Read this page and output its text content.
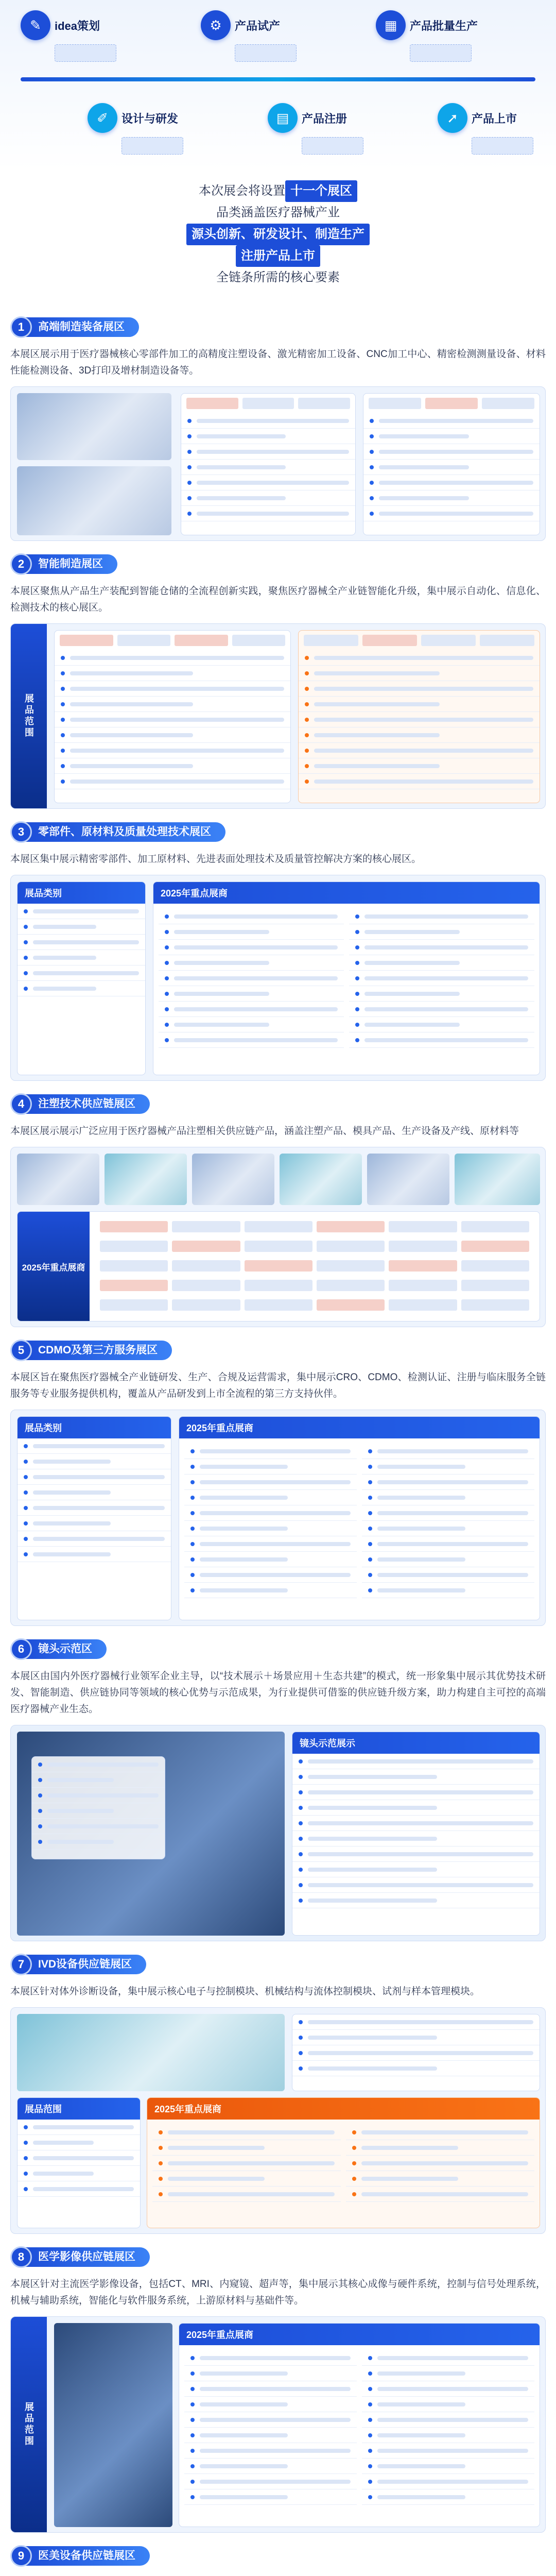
✎	idea策划	⚙	产品试产	▦	产品批量生产
✐	设计与研发	▤	产品注册	➚	产品上市

本次展会将设置 十一个展区

品类涵盖医疗器械产业

源头创新、研发设计、制造生产

注册产品上市

全链条所需的核心要素

1	高端制造装备展区

本展区展示用于医疗器械核心零部件加工的高精度注塑设备、激光精密加工设备、CNC加工中心、精密检测测量设备、材料性能检测设备、3D打印及增材制造设备等。

2	智能制造展区

本展区聚焦从产品生产装配到智能仓储的全流程创新实践，聚焦医疗器械全产业链智能化升级，集中展示自动化、信息化、检测技术的核心展区。

展品范围
3	零部件、原材料及质量处理技术展区

本展区集中展示精密零部件、加工原材料、先进表面处理技术及质量管控解决方案的核心展区。

展品类别	2025年重点展商
4	注塑技术供应链展区

本展区展示展示广泛应用于医疗器械产品注塑相关供应链产品，涵盖注塑产品、模具产品、生产设备及产线、原材料等

2025年重点展商
5	CDMO及第三方服务展区

本展区旨在聚焦医疗器械全产业链研发、生产、合规及运营需求，集中展示CRO、CDMO、检测认证、注册与临床服务全链服务等专业服务提供机构，覆盖从产品研发到上市全流程的第三方支持伙伴。

展品类别	2025年重点展商
6	镜头示范区

本展区由国内外医疗器械行业领军企业主导，以“技术展示＋场景应用＋生态共建”的模式，统一形象集中展示其优势技术研发、智能制造、供应链协同等领域的核心优势与示范成果，为行业提供可借鉴的供应链升级方案，助力构建自主可控的高端医疗器械产业生态。

镜头示范展示
7	IVD设备供应链展区

本展区针对体外诊断设备，集中展示核心电子与控制模块、机械结构与流体控制模块、试剂与样本管理模块。

展品范围	2025年重点展商
8	医学影像供应链展区

本展区针对主流医学影像设备，包括CT、MRI、内窥镜、超声等，集中展示其核心成像与硬件系统，控制与信号处理系统，机械与辅助系统，智能化与软件服务系统，上游原材料与基础件等。

展品范围
2025年重点展商
9	医美设备供应链展区
